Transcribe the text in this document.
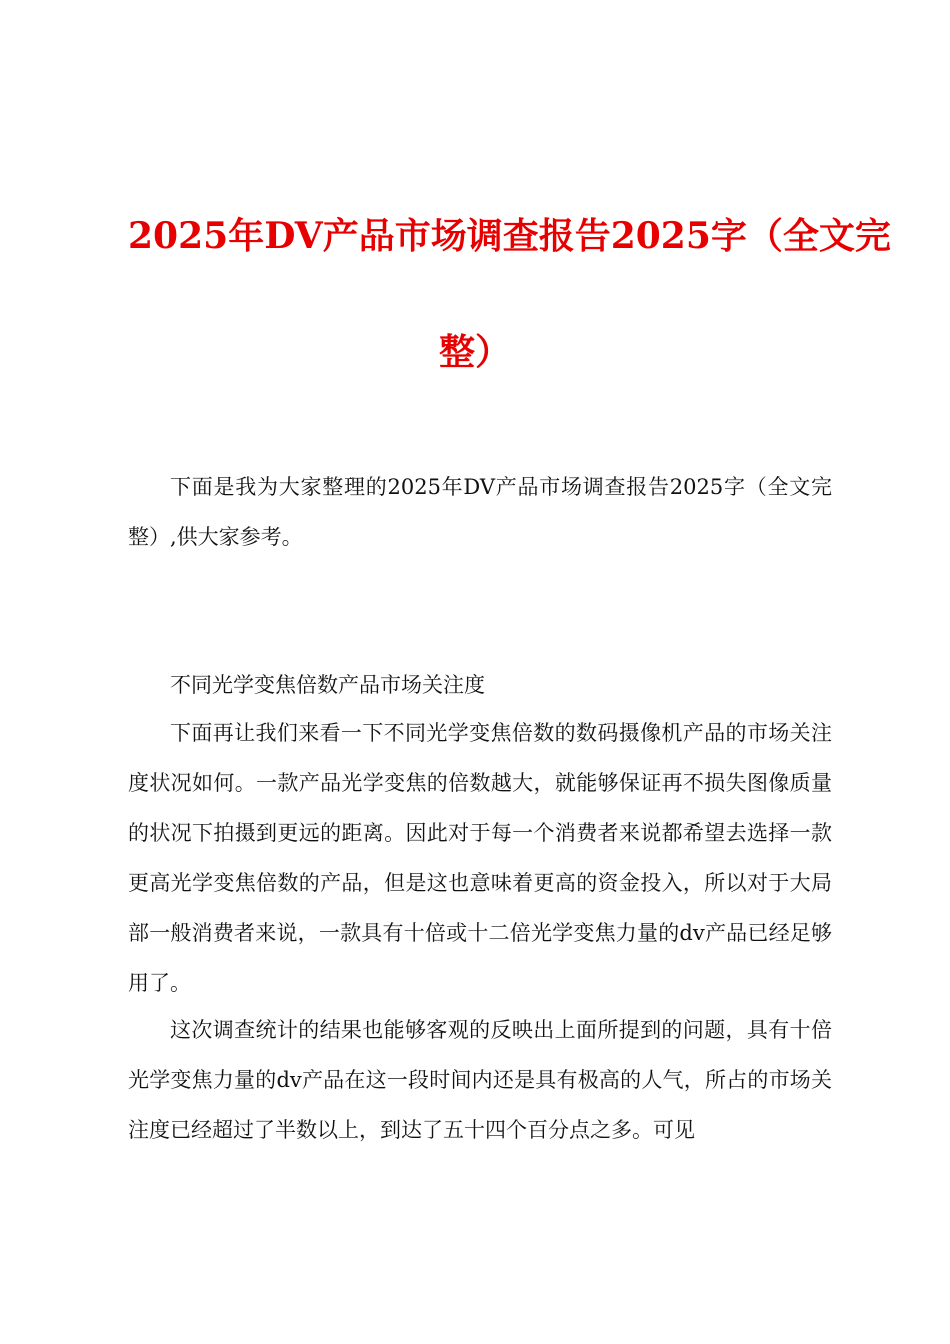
2025年DV产品市场调查报告2025字（全文完
整）

下面是我为大家整理的2025年DV产品市场调查报告2025字（全文完整）,供大家参考。

不同光学变焦倍数产品市场关注度

下面再让我们来看一下不同光学变焦倍数的数码摄像机产品的市场关注度状况如何。一款产品光学变焦的倍数越大，就能够保证再不损失图像质量的状况下拍摄到更远的距离。因此对于每一个消费者来说都希望去选择一款更高光学变焦倍数的产品，但是这也意味着更高的资金投入，所以对于大局部一般消费者来说，一款具有十倍或十二倍光学变焦力量的dv产品已经足够用了。

这次调查统计的结果也能够客观的反映出上面所提到的问题，具有十倍光学变焦力量的dv产品在这一段时间内还是具有极高的人气，所占的市场关注度已经超过了半数以上，到达了五十四个百分点之多。可见
